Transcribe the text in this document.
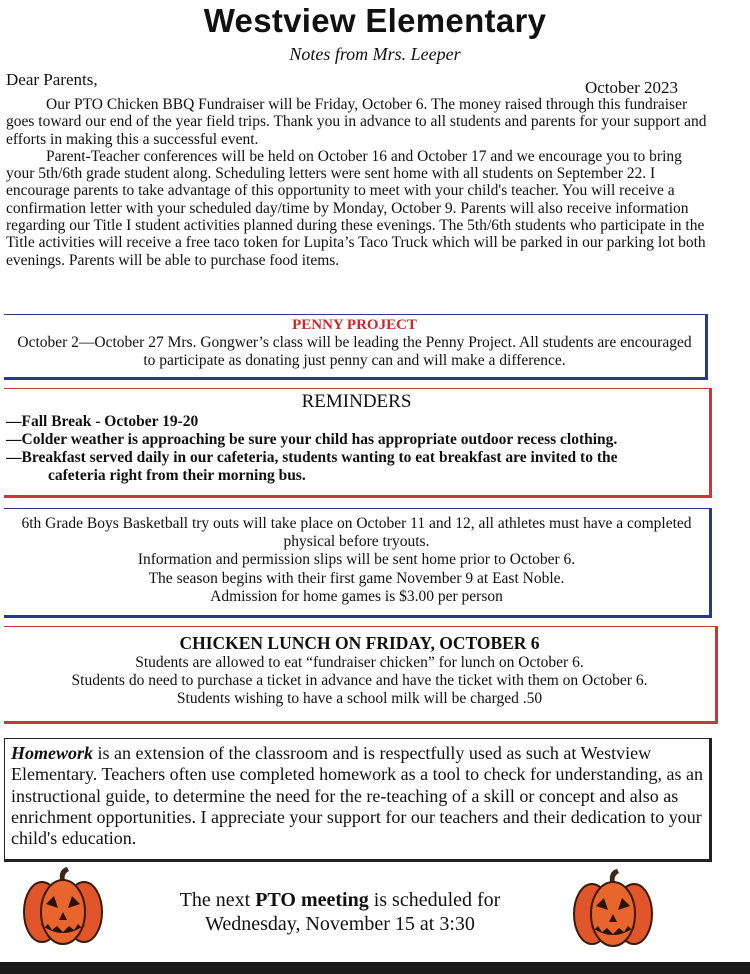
Westview Elementary
Notes from Mrs. Leeper
Dear Parents,	October 2023

Our PTO Chicken BBQ Fundraiser will be Friday, October 6. The money raised through this fundraiser goes toward our end of the year field trips. Thank you in advance to all students and parents for your support and efforts in making this a successful event.

Parent-Teacher conferences will be held on October 16 and October 17 and we encourage you to bring your 5th/6th grade student along. Scheduling letters were sent home with all students on September 22. I encourage parents to take advantage of this opportunity to meet with your child's teacher. You will receive a confirmation letter with your scheduled day/time by Monday, October 9. Parents will also receive information regarding our Title I student activities planned during these evenings. The 5th/6th students who participate in the Title activities will receive a free taco token for Lupita’s Taco Truck which will be parked in our parking lot both evenings. Parents will be able to purchase food items.

PENNY PROJECT
October 2—October 27 Mrs. Gongwer’s class will be leading the Penny Project. All students are encouraged to participate as donating just penny can and will make a difference.
REMINDERS
—Fall Break - October 19-20
—Colder weather is approaching be sure your child has appropriate outdoor recess clothing.
—Breakfast served daily in our cafeteria, students wanting to eat breakfast are invited to the
cafeteria right from their morning bus.
6th Grade Boys Basketball try outs will take place on October 11 and 12, all athletes must have a completed physical before tryouts.
Information and permission slips will be sent home prior to October 6.
The season begins with their first game November 9 at East Noble.
Admission for home games is $3.00 per person
CHICKEN LUNCH ON FRIDAY, OCTOBER 6
Students are allowed to eat “fundraiser chicken” for lunch on October 6.
Students do need to purchase a ticket in advance and have the ticket with them on October 6.
Students wishing to have a school milk will be charged .50
Homework is an extension of the classroom and is respectfully used as such at Westview Elementary. Teachers often use completed homework as a tool to check for understanding, as an instructional guide, to determine the need for the re-teaching of a skill or concept and also as enrichment opportunities. I appreciate your support for our teachers and their dedication to your child's education.
The next PTO meeting is scheduled for
Wednesday, November 15 at 3:30
